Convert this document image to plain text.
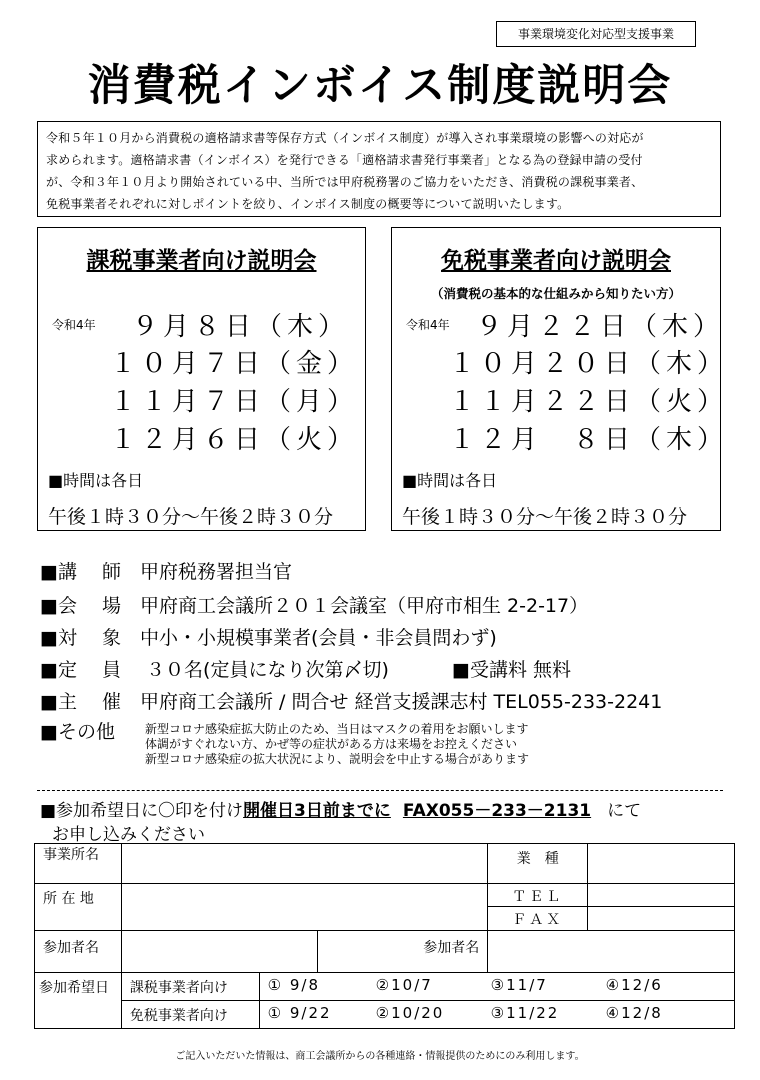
事業環境変化対応型支援事業
消費税インボイス制度説明会
令和５年１０月から消費税の適格請求書等保存方式（インボイス制度）が導入され事業環境の影響への対応が
求められます。適格請求書（インボイス）を発行できる「適格請求書発行事業者」となる為の登録申請の受付
が、令和３年１０月より開始されている中、当所では甲府税務署のご協力をいただき、消費税の課税事業者、
免税事業者それぞれに対しポイントを絞り、インボイス制度の概要等について説明いたします。
課税事業者向け説明会
令和4年 ９月８日（木）
１０月７日（金）
１１月７日（月）
１２月６日（火）
■時間は各日
午後１時３０分～午後２時３０分
免税事業者向け説明会
（消費税の基本的な仕組みから知りたい方）
令和4年 ９月２２日（木）
１０月２０日（木）
１１月２２日（火）
１２月　８日（木）
■時間は各日
午後１時３０分～午後２時３０分
■講　 師　甲府税務署担当官
■会　 場　甲府商工会議所２０１会議室（甲府市相生 2-2-17）
■対　 象　中小・小規模事業者(会員・非会員問わず)
■定　 員　 ３０名(定員になり次第〆切)	■受講料 無料
■主　 催　甲府商工会議所 / 問合せ 経営支援課志村 TEL055-233-2241
■その他	新型コロナ感染症拡大防止のため、当日はマスクの着用をお願いします
体調がすぐれない方、かぜ等の症状がある方は来場をお控えください
新型コロナ感染症の拡大状況により、説明会を中止する場合があります
■参加希望日に〇印を付け開催日3日前までに FAX055－233－2131 にて
お申し込みください
事業所名				業　種	
所 在 地				ＴＥＬ	
				ＦＡＸ	
参加者名			参加者名		
参加希望日	課税事業者向け	① 9/8 ②10/7 ③11/7 ④12/6			
	免税事業者向け	① 9/22 ②10/20 ③11/22 ④12/8			
ご記入いただいた情報は、商工会議所からの各種連絡・情報提供のためにのみ利用します。
